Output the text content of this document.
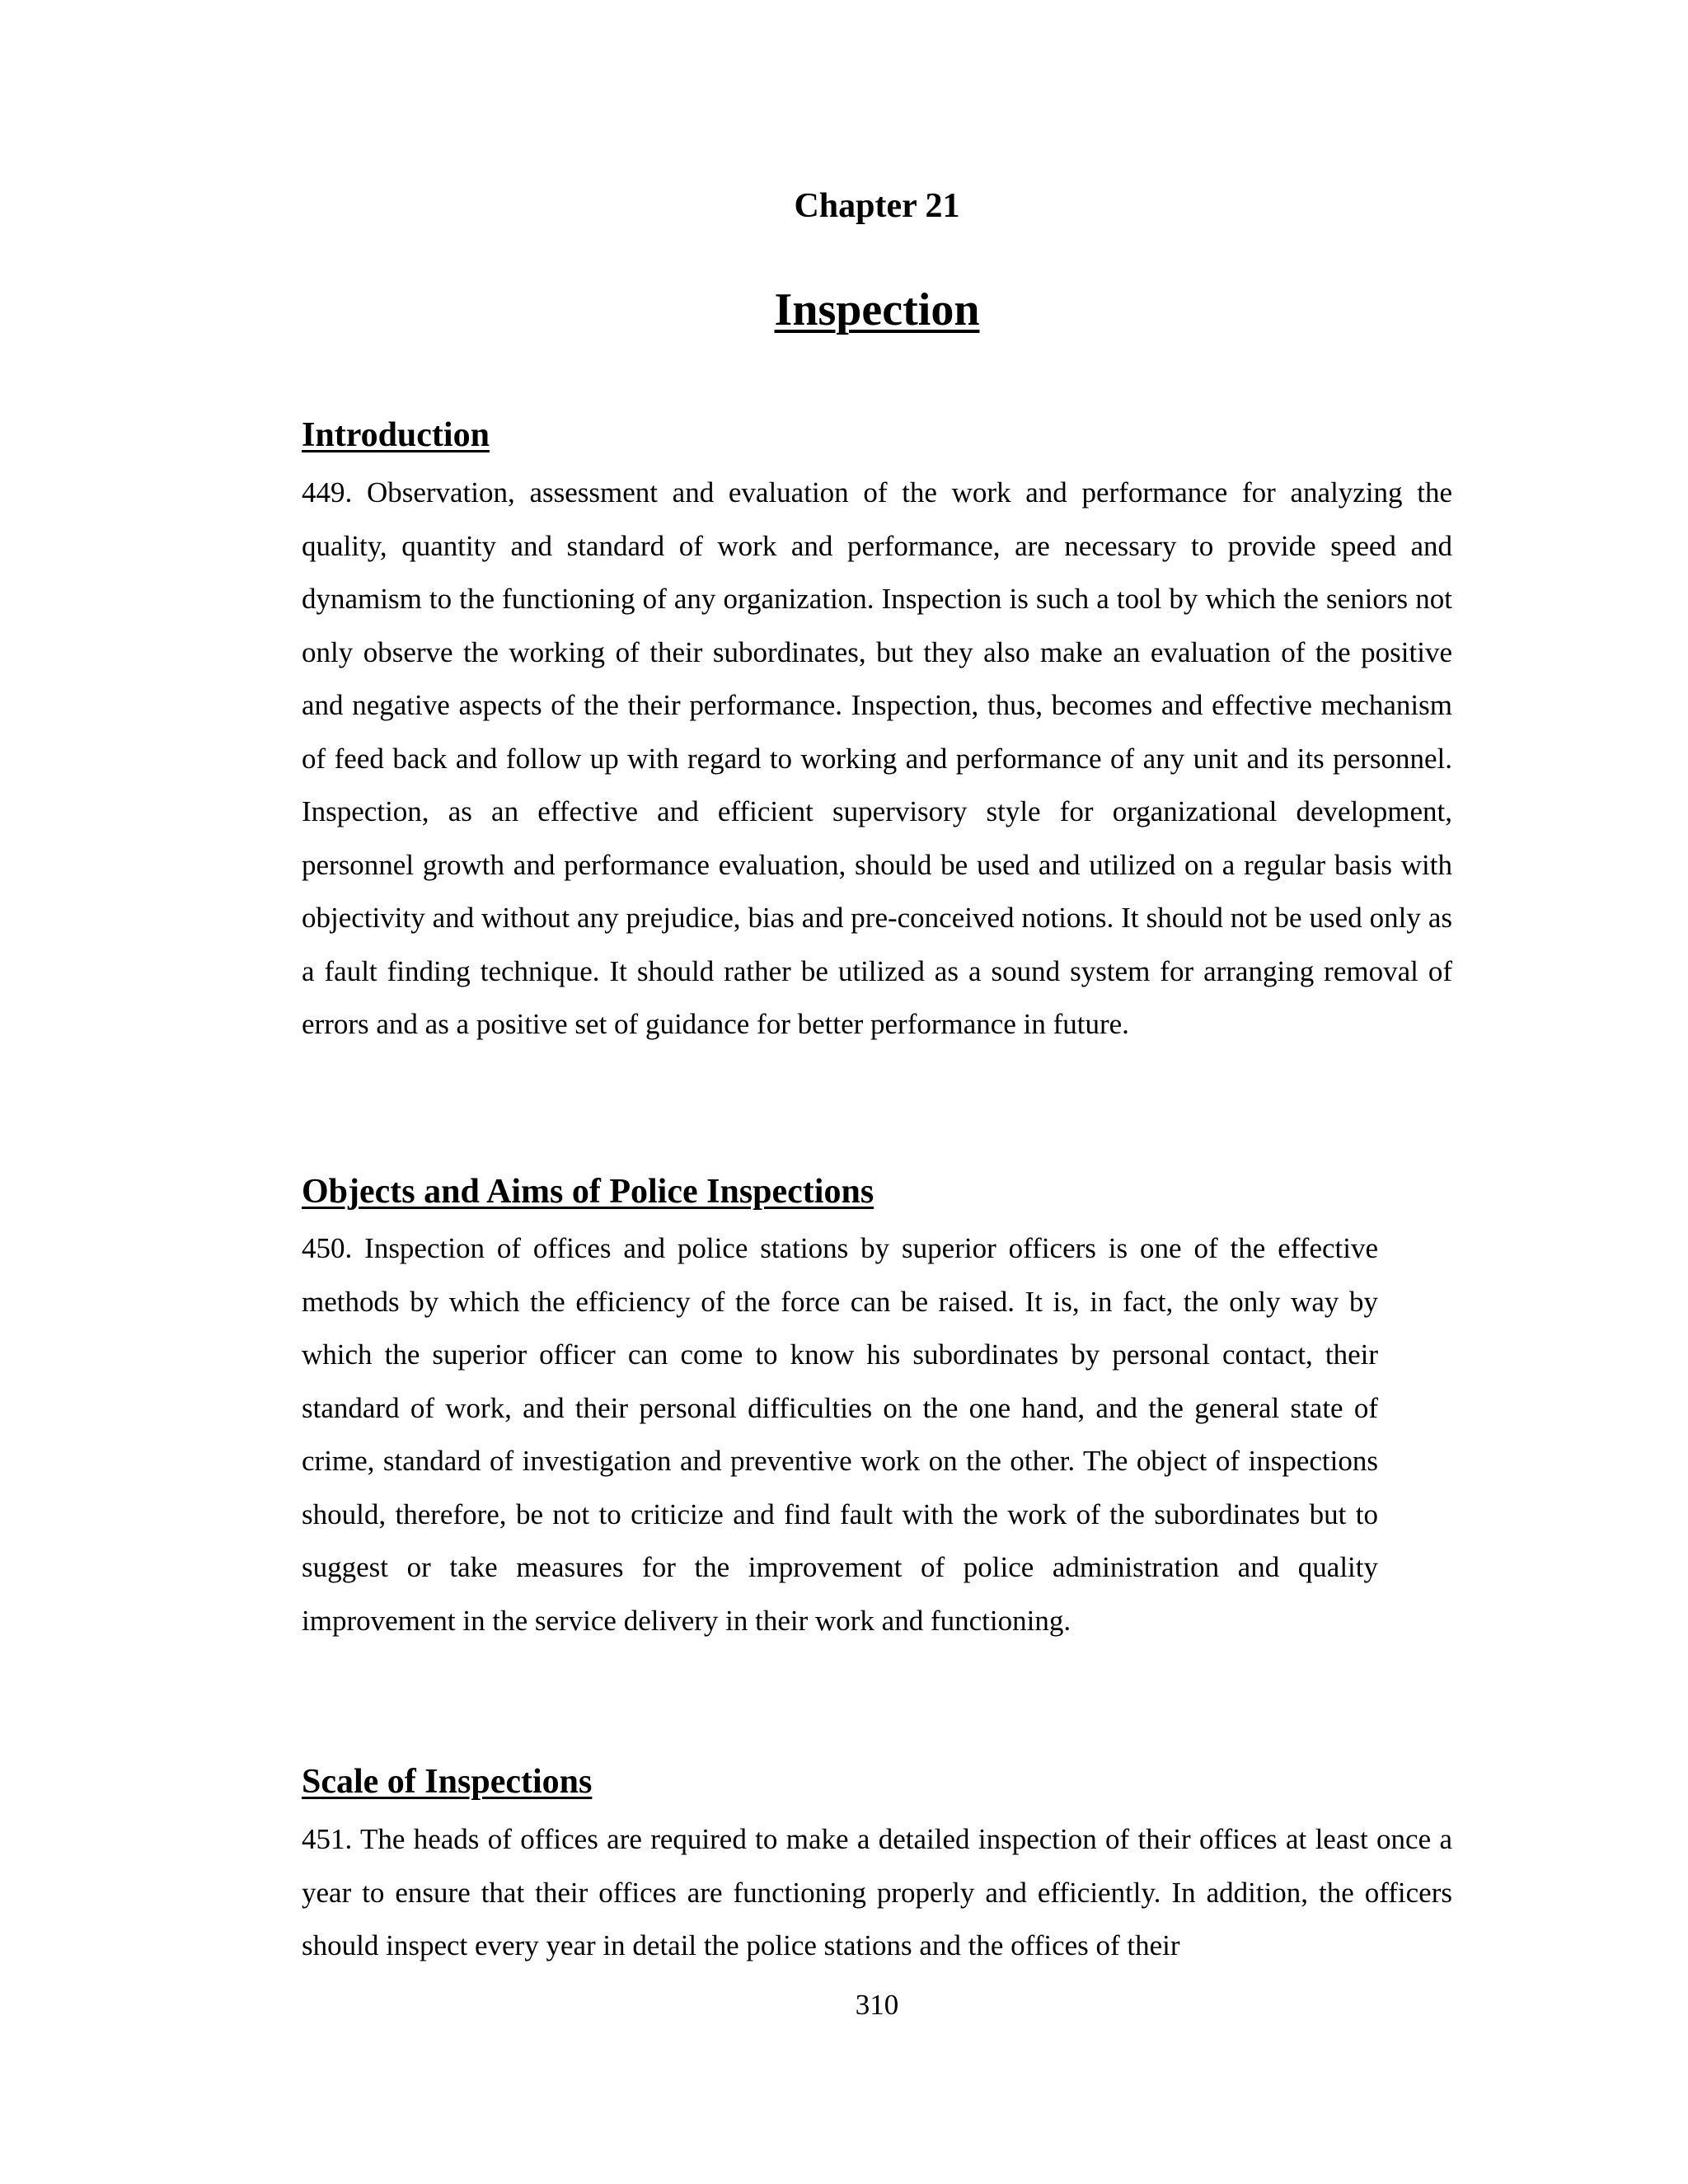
Chapter 21
Inspection
Introduction

449. Observation, assessment and evaluation of the work and performance for analyzing the quality, quantity and standard of work and performance, are necessary to provide speed and dynamism to the functioning of any organization. Inspection is such a tool by which the seniors not only observe the working of their subordinates, but they also make an evaluation of the positive and negative aspects of the their performance. Inspection, thus, becomes and effective mechanism of feed back and follow up with regard to working and performance of any unit and its personnel. Inspection, as an effective and efficient supervisory style for organizational development, personnel growth and performance evaluation, should be used and utilized on a regular basis with objectivity and without any prejudice, bias and pre-conceived notions. It should not be used only as a fault finding technique. It should rather be utilized as a sound system for arranging removal of errors and as a positive set of guidance for better performance in future.

Objects and Aims of Police Inspections

450. Inspection of offices and police stations by superior officers is one of the effective methods by which the efficiency of the force can be raised. It is, in fact, the only way by which the superior officer can come to know his subordinates by personal contact, their standard of work, and their personal difficulties on the one hand, and the general state of crime, standard of investigation and preventive work on the other. The object of inspections should, therefore, be not to criticize and find fault with the work of the subordinates but to suggest or take measures for the improvement of police administration and quality improvement in the service delivery in their work and functioning.

Scale of Inspections

451. The heads of offices are required to make a detailed inspection of their offices at least once a year to ensure that their offices are functioning properly and efficiently. In addition, the officers should inspect every year in detail the police stations and the offices of their

310
